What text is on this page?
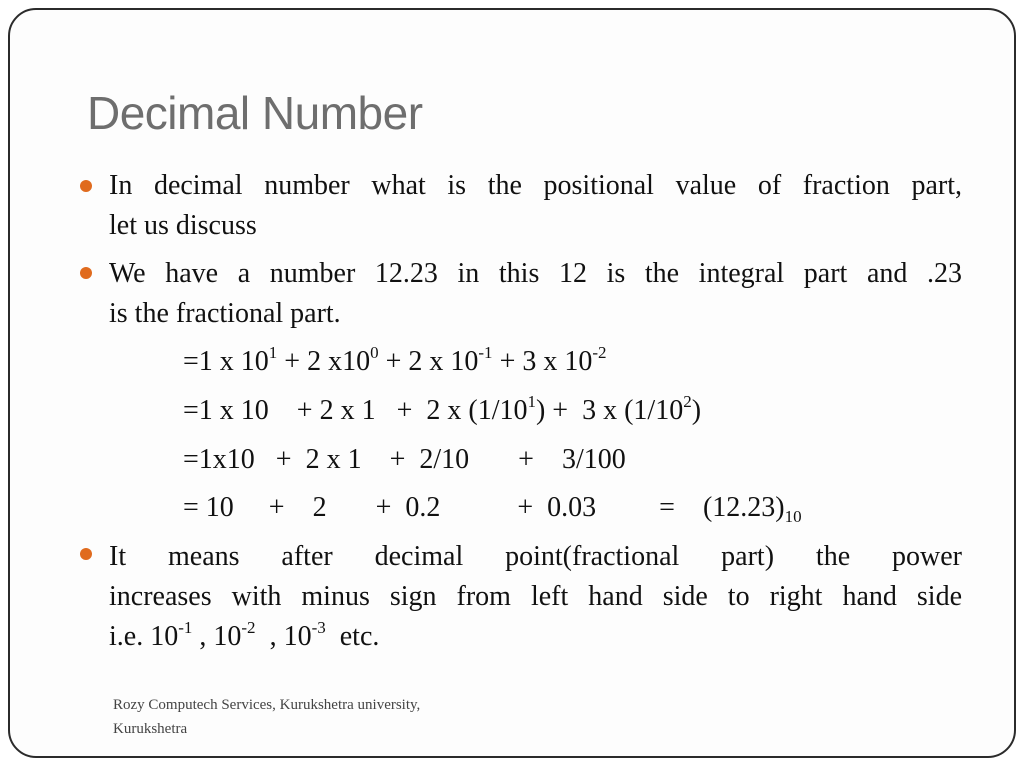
Decimal Number
In decimal number what is the positional value of fraction part,
let us discuss
We have a number 12.23 in this 12 is the integral part and .23
is the fractional part.
=1 x $10^1 + 2$ $x10^0 + 2$ x $10^{-1} + 3$ x $10^{-2}$
=1 x 10    + 2 x 1   +  2 x $(1/10^1) + 3$ x $(1/10^2)$
=1x10   +  2 x 1    +  2/10       +    3/100
= 10     +    2       +  0.2           +  0.03         =    $(12.23)_{10}$
It means after decimal point(fractional part) the power
increases with minus sign from left hand side to right hand side
i.e. $10^{-1}$ , $10^{-2}$  , $10^{-3}$  etc.
Rozy Computech Services, Kurukshetra university,
Kurukshetra
